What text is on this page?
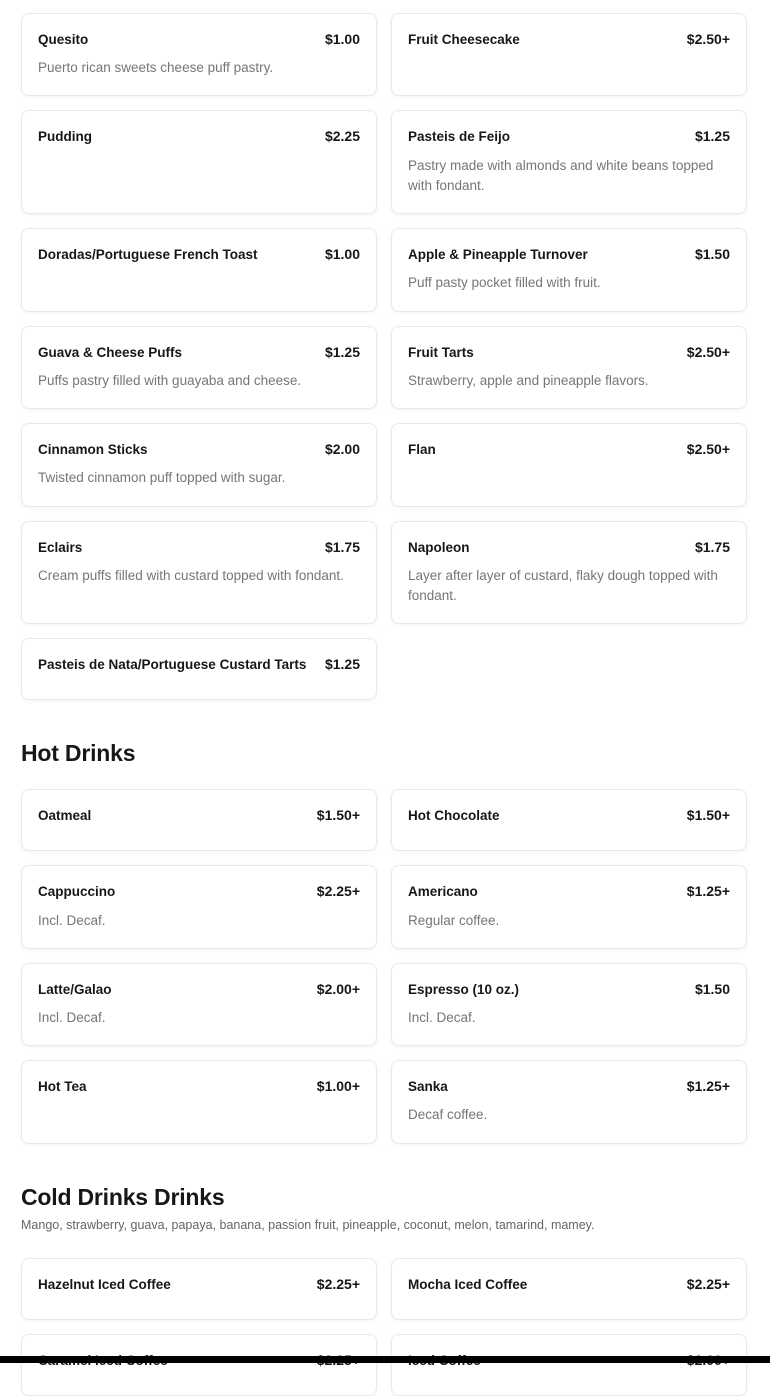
Quesito	$1.00

Puerto rican sweets cheese puff pastry.

Fruit Cheesecake	$2.50+
Pudding	$2.25	Pasteis de Feijo	$1.25

Pastry made with almonds and white beans topped with fondant.

Doradas/Portuguese French Toast	$1.00	Apple & Pineapple Turnover	$1.50

Puff pasty pocket filled with fruit.

Guava & Cheese Puffs	$1.25

Puffs pastry filled with guayaba and cheese.

Fruit Tarts	$2.50+

Strawberry, apple and pineapple flavors.

Cinnamon Sticks	$2.00

Twisted cinnamon puff topped with sugar.

Flan	$2.50+
Eclairs	$1.75

Cream puffs filled with custard topped with fondant.

Napoleon	$1.75

Layer after layer of custard, flaky dough topped with fondant.

Pasteis de Nata/Portuguese Custard Tarts $1.25
Hot Drinks
Oatmeal	$1.50+	Hot Chocolate	$1.50+
Cappuccino	$2.25+

Incl. Decaf.

Americano	$1.25+

Regular coffee.

Latte/Galao	$2.00+

Incl. Decaf.

Espresso (10 oz.)	$1.50

Incl. Decaf.

Hot Tea	$1.00+	Sanka	$1.25+

Decaf coffee.

Cold Drinks Drinks

Mango, strawberry, guava, papaya, banana, passion fruit, pineapple, coconut, melon, tamarind, mamey.

Hazelnut Iced Coffee	$2.25+	Mocha Iced Coffee	$2.25+
